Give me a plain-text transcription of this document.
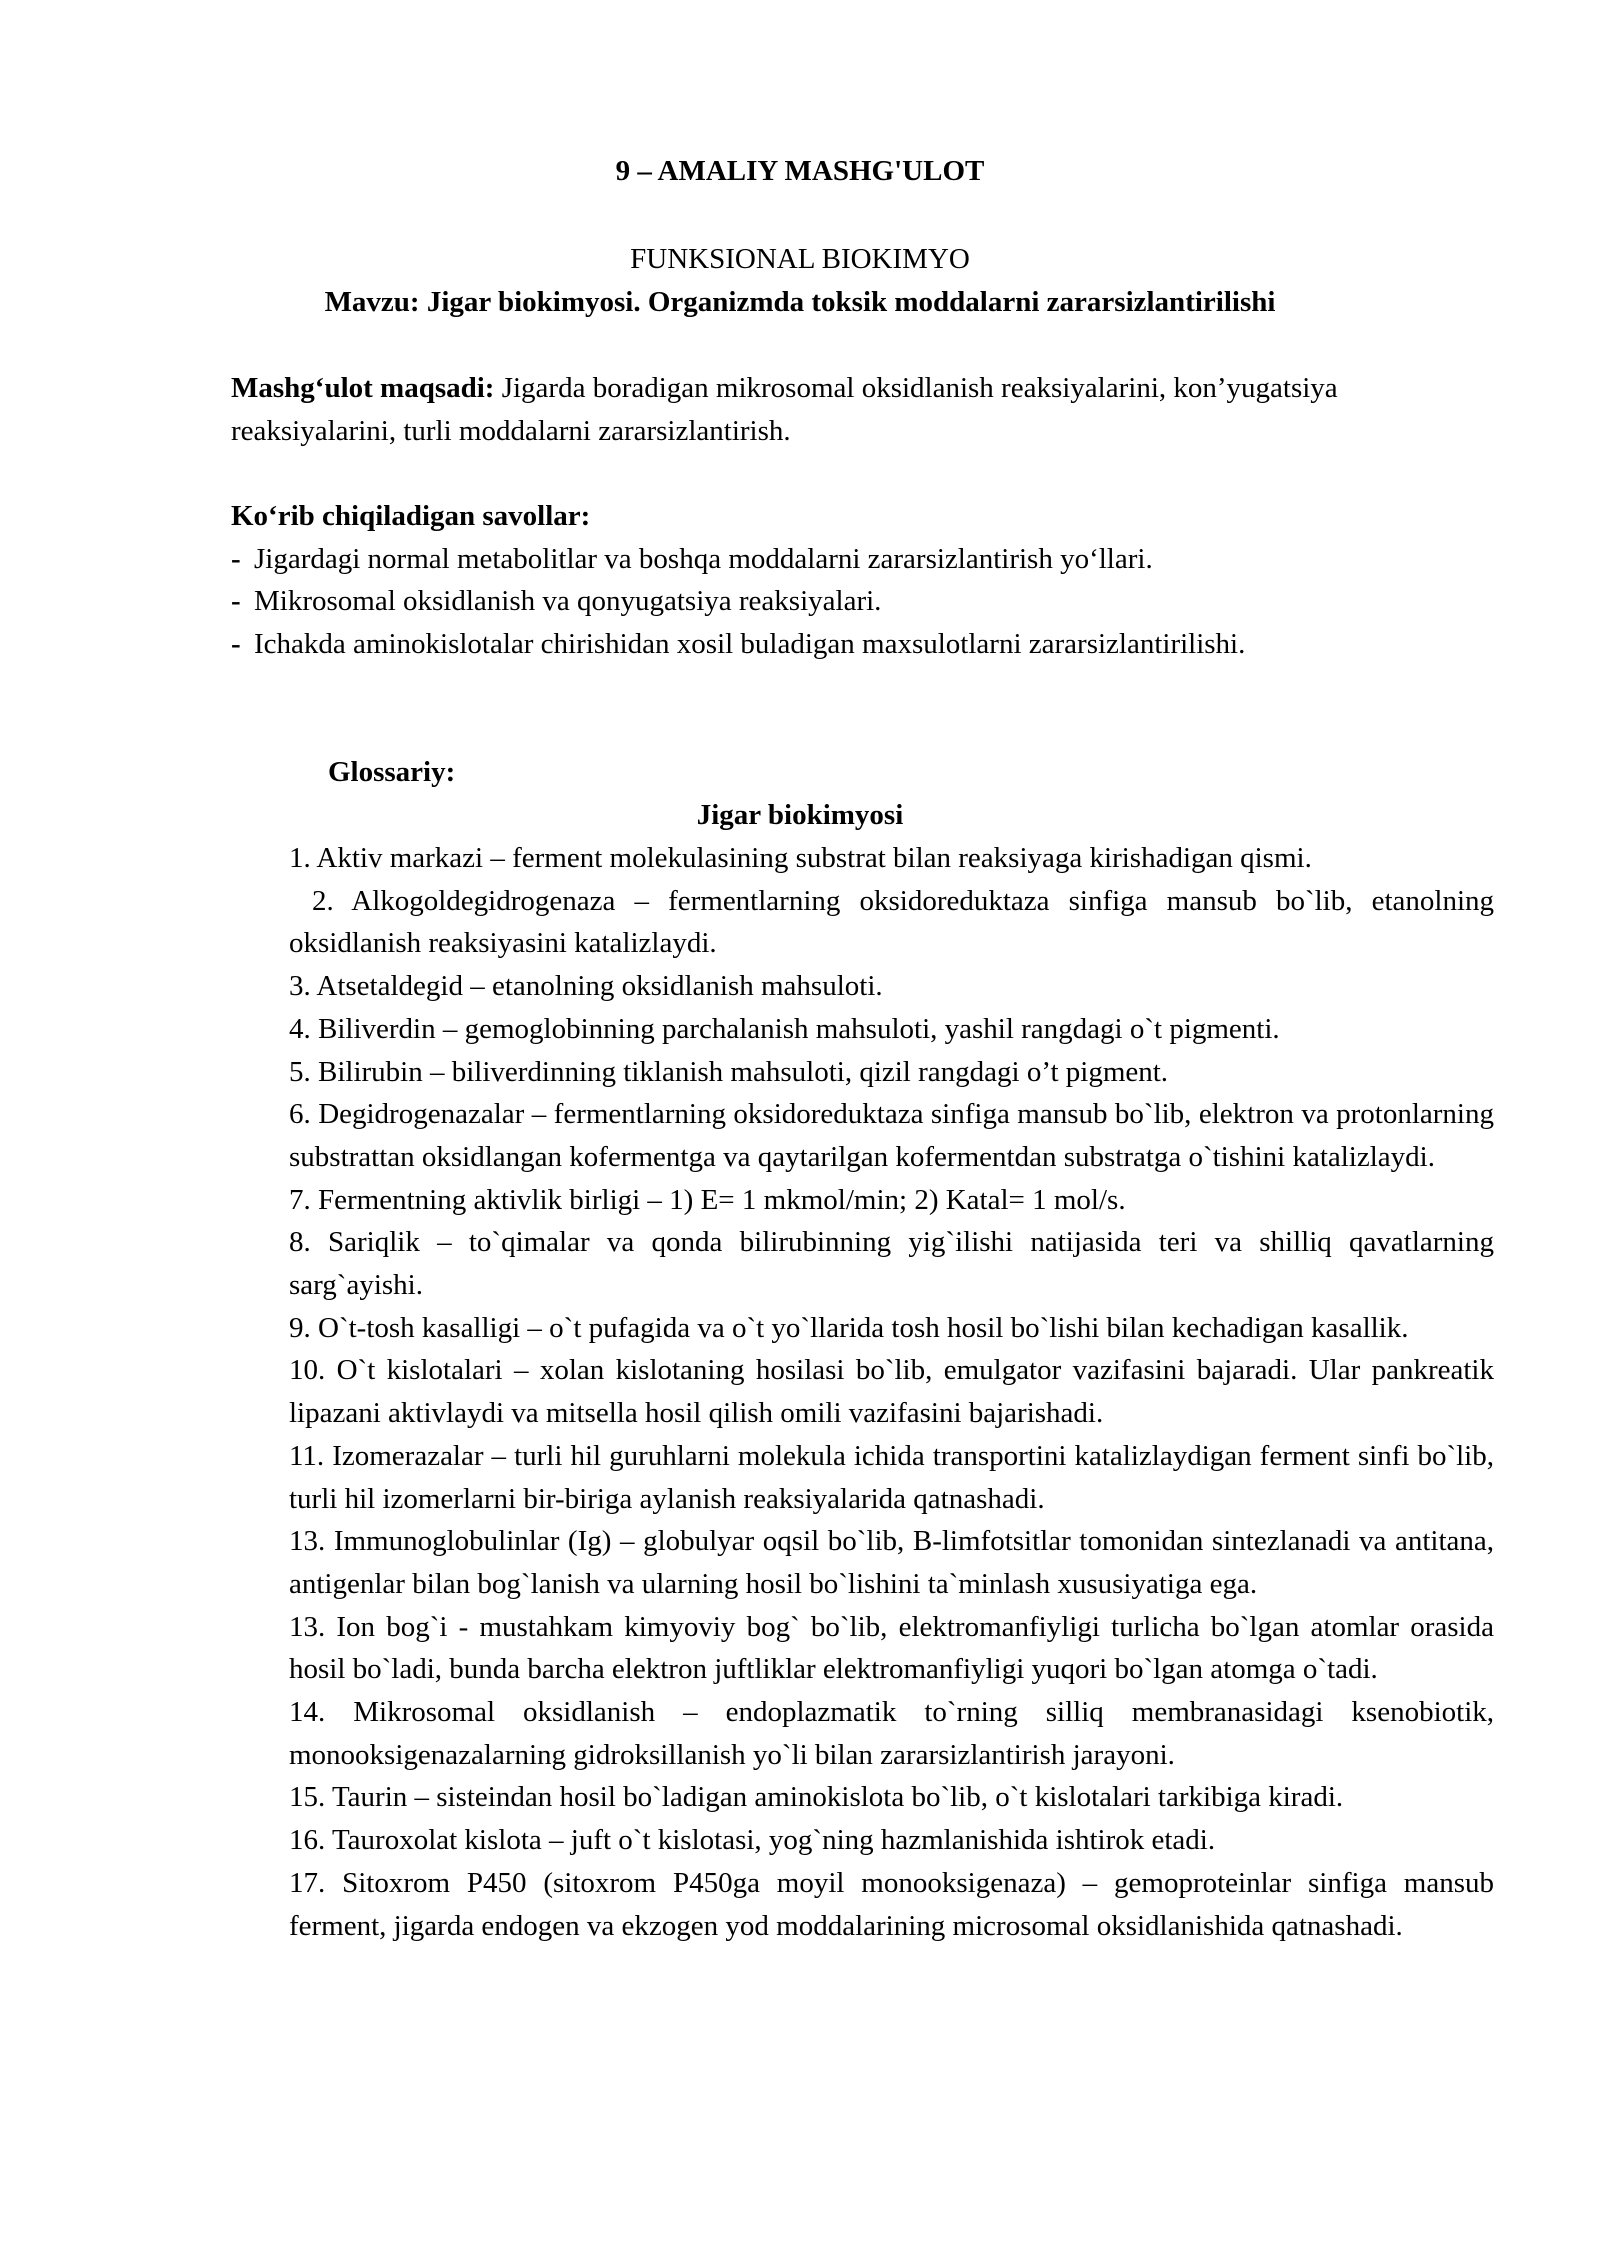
9 – AMALIY MASHG'ULOT

FUNKSIONAL BIOKIMYO

Mavzu: Jigar biokimyosi. Organizmda toksik moddalarni zararsizlantirilishi

Mashg‘ulot maqsadi: Jigarda boradigan mikrosomal oksidlanish reaksiyalarini, kon’yugatsiya reaksiyalarini, turli moddalarni zararsizlantirish.

Ko‘rib chiqiladigan savollar:

- Jigardagi normal metabolitlar va boshqa moddalarni zararsizlantirish yo‘llari.
- Mikrosomal oksidlanish va qonyugatsiya reaksiyalari.
- Ichakda aminokislotalar chirishidan xosil buladigan maxsulotlarni zararsizlantirilishi.

Glossariy:

Jigar biokimyosi

1. Aktiv markazi – ferment molekulasining substrat bilan reaksiyaga kirishadigan qismi.
2. Alkogoldegidrogenaza – fermentlarning oksidoreduktaza sinfiga mansub bo`lib, etanolning oksidlanish reaksiyasini katalizlaydi.
3. Atsetaldegid – etanolning oksidlanish mahsuloti.
4. Biliverdin – gemoglobinning parchalanish mahsuloti, yashil rangdagi o`t pigmenti.
5. Bilirubin – biliverdinning tiklanish mahsuloti, qizil rangdagi o’t pigment.
6. Degidrogenazalar – fermentlarning oksidoreduktaza sinfiga mansub bo`lib, elektron va protonlarning substrattan oksidlangan kofermentga va qaytarilgan kofermentdan substratga o`tishini katalizlaydi.
7. Fermentning aktivlik birligi – 1) E= 1 mkmol/min; 2) Katal= 1 mol/s.
8. Sariqlik – to`qimalar va qonda bilirubinning yig`ilishi natijasida teri va shilliq qavatlarning sarg`ayishi.
9. O`t-tosh kasalligi – o`t pufagida va o`t yo`llarida tosh hosil bo`lishi bilan kechadigan kasallik.
10. O`t kislotalari – xolan kislotaning hosilasi bo`lib, emulgator vazifasini bajaradi. Ular pankreatik lipazani aktivlaydi va mitsella hosil qilish omili vazifasini bajarishadi.
11. Izomerazalar – turli hil guruhlarni molekula ichida transportini katalizlaydigan ferment sinfi bo`lib, turli hil izomerlarni bir-biriga aylanish reaksiyalarida qatnashadi.
13. Immunoglobulinlar (Ig) – globulyar oqsil bo`lib, B-limfotsitlar tomonidan sintezlanadi va antitana, antigenlar bilan bog`lanish va ularning hosil bo`lishini ta`minlash xususiyatiga ega.
13. Ion bog`i - mustahkam kimyoviy bog` bo`lib, elektromanfiyligi turlicha bo`lgan atomlar orasida hosil bo`ladi, bunda barcha elektron juftliklar elektromanfiyligi yuqori bo`lgan atomga o`tadi.
14. Mikrosomal oksidlanish – endoplazmatik to`rning silliq membranasidagi ksenobiotik, monooksigenazalarning gidroksillanish yo`li bilan zararsizlantirish jarayoni.
15. Taurin – sisteindan hosil bo`ladigan aminokislota bo`lib, o`t kislotalari tarkibiga kiradi.
16. Tauroxolat kislota – juft o`t kislotasi, yog`ning hazmlanishida ishtirok etadi.
17. Sitoxrom P450 (sitoxrom P450ga moyil monooksigenaza) – gemoproteinlar sinfiga mansub ferment, jigarda endogen va ekzogen yod moddalarining microsomal oksidlanishida qatnashadi.
